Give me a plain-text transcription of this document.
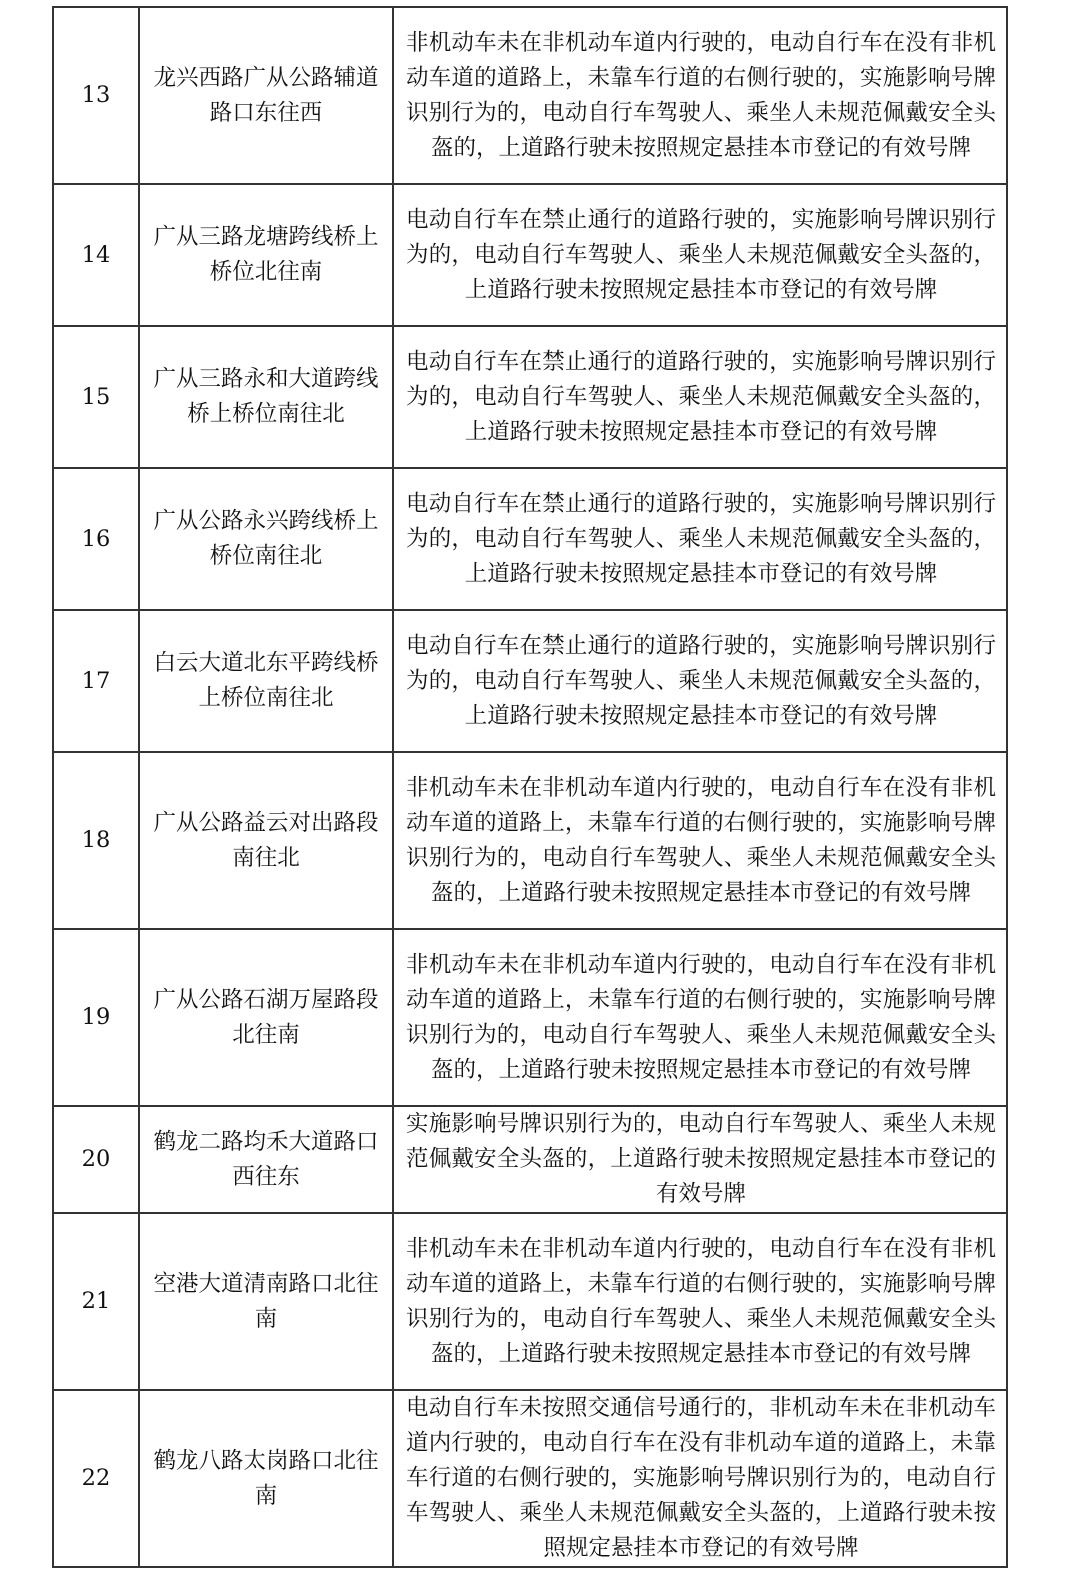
13	龙兴西路广从公路辅道路口东往西	非机动车未在非机动车道内行驶的，电动自行车在没有非机动车道的道路上，未靠车行道的右侧行驶的，实施影响号牌识别行为的，电动自行车驾驶人、乘坐人未规范佩戴安全头盔的，上道路行驶未按照规定悬挂本市登记的有效号牌
14	广从三路龙塘跨线桥上桥位北往南	电动自行车在禁止通行的道路行驶的，实施影响号牌识别行为的，电动自行车驾驶人、乘坐人未规范佩戴安全头盔的，上道路行驶未按照规定悬挂本市登记的有效号牌
15	广从三路永和大道跨线桥上桥位南往北	电动自行车在禁止通行的道路行驶的，实施影响号牌识别行为的，电动自行车驾驶人、乘坐人未规范佩戴安全头盔的，上道路行驶未按照规定悬挂本市登记的有效号牌
16	广从公路永兴跨线桥上桥位南往北	电动自行车在禁止通行的道路行驶的，实施影响号牌识别行为的，电动自行车驾驶人、乘坐人未规范佩戴安全头盔的，上道路行驶未按照规定悬挂本市登记的有效号牌
17	白云大道北东平跨线桥上桥位南往北	电动自行车在禁止通行的道路行驶的，实施影响号牌识别行为的，电动自行车驾驶人、乘坐人未规范佩戴安全头盔的，上道路行驶未按照规定悬挂本市登记的有效号牌
18	广从公路益云对出路段南往北	非机动车未在非机动车道内行驶的，电动自行车在没有非机动车道的道路上，未靠车行道的右侧行驶的，实施影响号牌识别行为的，电动自行车驾驶人、乘坐人未规范佩戴安全头盔的，上道路行驶未按照规定悬挂本市登记的有效号牌
19	广从公路石湖万屋路段北往南	非机动车未在非机动车道内行驶的，电动自行车在没有非机动车道的道路上，未靠车行道的右侧行驶的，实施影响号牌识别行为的，电动自行车驾驶人、乘坐人未规范佩戴安全头盔的，上道路行驶未按照规定悬挂本市登记的有效号牌
20	鹤龙二路均禾大道路口西往东	实施影响号牌识别行为的，电动自行车驾驶人、乘坐人未规范佩戴安全头盔的，上道路行驶未按照规定悬挂本市登记的有效号牌
21	空港大道清南路口北往南	非机动车未在非机动车道内行驶的，电动自行车在没有非机动车道的道路上，未靠车行道的右侧行驶的，实施影响号牌识别行为的，电动自行车驾驶人、乘坐人未规范佩戴安全头盔的，上道路行驶未按照规定悬挂本市登记的有效号牌
22	鹤龙八路太岗路口北往南	电动自行车未按照交通信号通行的，非机动车未在非机动车道内行驶的，电动自行车在没有非机动车道的道路上，未靠车行道的右侧行驶的，实施影响号牌识别行为的，电动自行车驾驶人、乘坐人未规范佩戴安全头盔的，上道路行驶未按照规定悬挂本市登记的有效号牌
